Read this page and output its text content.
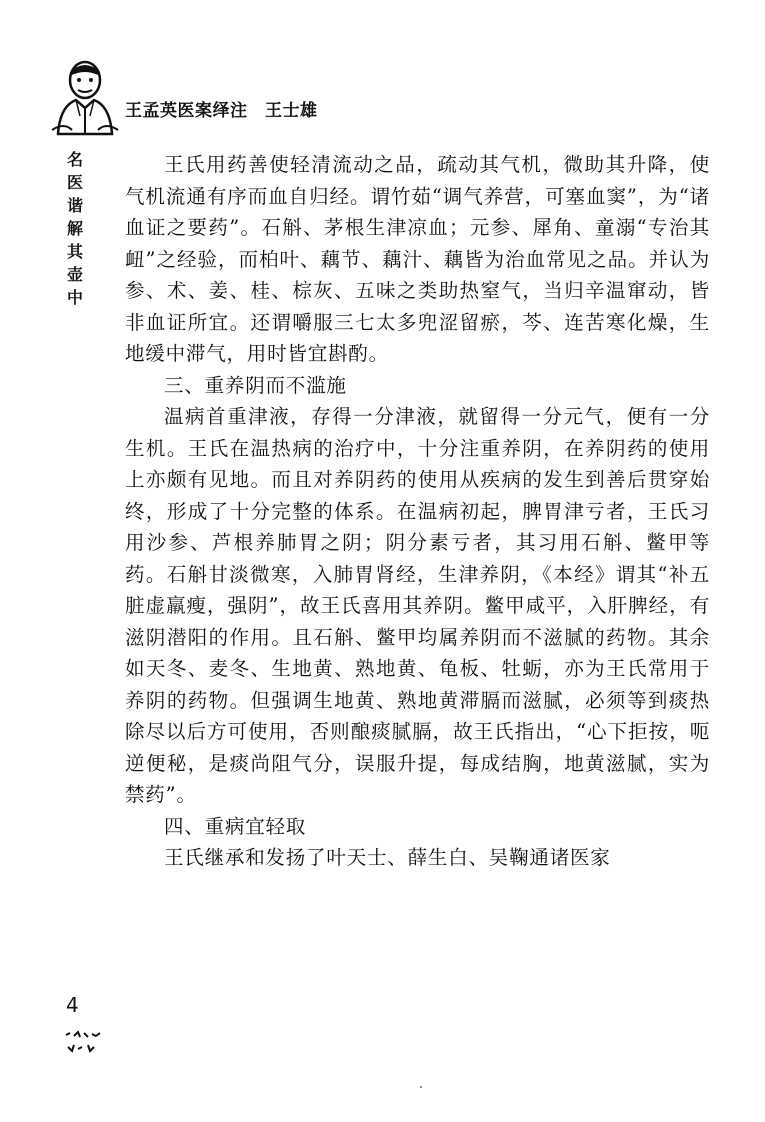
王孟英医案绎注　王士雄
名
医
谐
解
其
壶
中

王氏用药善使轻清流动之品，疏动其气机，微助其升降，使气机流通有序而血自归经。谓竹茹“调气养营，可塞血窦”，为“诸血证之要药”。石斛、茅根生津凉血；元参、犀角、童溺“专治其衄”之经验，而柏叶、藕节、藕汁、藕皆为治血常见之品。并认为参、术、姜、桂、棕灰、五味之类助热窒气，当归辛温窜动，皆非血证所宜。还谓嚼服三七太多兜涩留瘀，芩、连苦寒化燥，生地缓中滞气，用时皆宜斟酌。

三、重养阴而不滥施

温病首重津液，存得一分津液，就留得一分元气，便有一分生机。王氏在温热病的治疗中，十分注重养阴，在养阴药的使用上亦颇有见地。而且对养阴药的使用从疾病的发生到善后贯穿始终，形成了十分完整的体系。在温病初起，脾胃津亏者，王氏习用沙参、芦根养肺胃之阴；阴分素亏者，其习用石斛、鳖甲等药。石斛甘淡微寒，入肺胃肾经，生津养阴，《本经》谓其“补五脏虚羸瘦，强阴”，故王氏喜用其养阴。鳖甲咸平，入肝脾经，有滋阴潜阳的作用。且石斛、鳖甲均属养阴而不滋腻的药物。其余如天冬、麦冬、生地黄、熟地黄、龟板、牡蛎，亦为王氏常用于养阴的药物。但强调生地黄、熟地黄滞膈而滋腻，必须等到痰热除尽以后方可使用，否则酿痰腻膈，故王氏指出，“心下拒按，呃逆便秘，是痰尚阻气分，误服升提，每成结胸，地黄滋腻，实为禁药”。

四、重病宜轻取

王氏继承和发扬了叶天士、薛生白、吴鞠通诸医家

4
